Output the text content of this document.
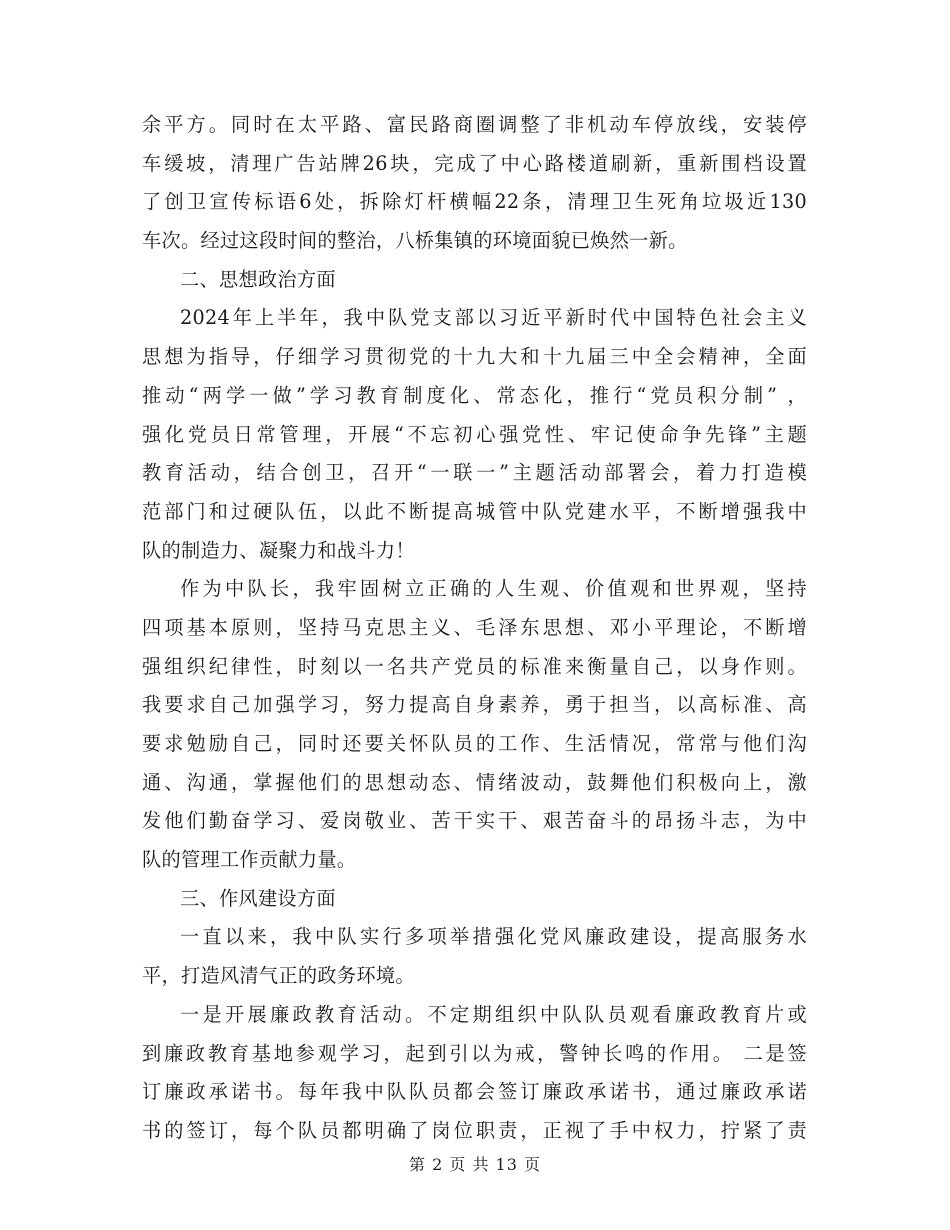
余平方。同时在太平路、富民路商圈调整了非机动车停放线，安装停
车缓坡，清理广告站牌26块，完成了中心路楼道刷新，重新围档设置
了创卫宣传标语6处，拆除灯杆横幅22条，清理卫生死角垃圾近130
车次。经过这段时间的整治，八桥集镇的环境面貌已焕然一新。
二、思想政治方面
2024年上半年，我中队党支部以习近平新时代中国特色社会主义
思想为指导，仔细学习贯彻党的十九大和十九届三中全会精神，全面
推动“两学一做”学习教育制度化、常态化，推行“党员积分制” ，
强化党员日常管理，开展“不忘初心强党性、牢记使命争先锋”主题
教育活动，结合创卫，召开“一联一”主题活动部署会，着力打造模
范部门和过硬队伍，以此不断提高城管中队党建水平，不断增强我中
队的制造力、凝聚力和战斗力！
作为中队长，我牢固树立正确的人生观、价值观和世界观，坚持
四项基本原则，坚持马克思主义、毛泽东思想、邓小平理论，不断增
强组织纪律性，时刻以一名共产党员的标准来衡量自己，以身作则。
我要求自己加强学习，努力提高自身素养，勇于担当，以高标准、高
要求勉励自己，同时还要关怀队员的工作、生活情况，常常与他们沟
通、沟通，掌握他们的思想动态、情绪波动，鼓舞他们积极向上，激
发他们勤奋学习、爱岗敬业、苦干实干、艰苦奋斗的昂扬斗志，为中
队的管理工作贡献力量。
三、作风建设方面
一直以来，我中队实行多项举措强化党风廉政建设，提高服务水
平，打造风清气正的政务环境。
一是开展廉政教育活动。不定期组织中队队员观看廉政教育片或
到廉政教育基地参观学习，起到引以为戒，警钟长鸣的作用。 二是签
订廉政承诺书。每年我中队队员都会签订廉政承诺书，通过廉政承诺
书的签订，每个队员都明确了岗位职责，正视了手中权力，拧紧了责
第 2 页 共 13 页
